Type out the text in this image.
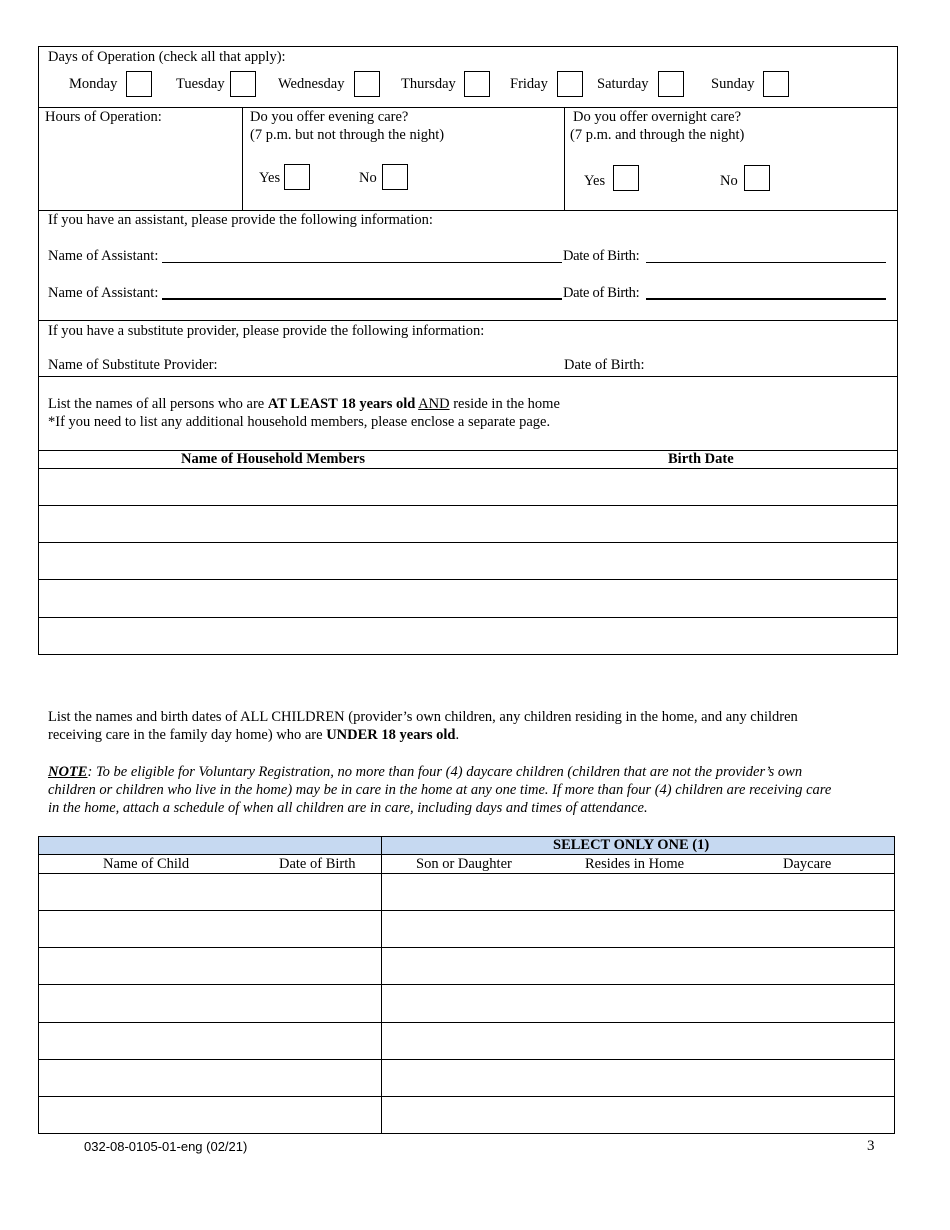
Days of Operation (check all that apply):
Monday	Tuesday	Wednesday	Thursday	Friday	Saturday	Sunday
Hours of Operation:	Do you offer evening care?
(7 p.m. but not through the night)
Yes	No
Do you offer overnight care?
(7 p.m. and through the night)
Yes	No
If you have an assistant, please provide the following information:
Name of Assistant:	Date of Birth:
Name of Assistant:	Date of Birth:
If you have a substitute provider, please provide the following information:
Name of Substitute Provider:	Date of Birth:
List the names of all persons who are AT LEAST 18 years old AND reside in the home
*If you need to list any additional household members, please enclose a separate page.
Name of Household Members	Birth Date
List the names and birth dates of ALL CHILDREN (provider’s own children, any children residing in the home, and any children
receiving care in the family day home) who are UNDER 18 years old.
NOTE: To be eligible for Voluntary Registration, no more than four (4) daycare children (children that are not the provider’s own
children or children who live in the home) may be in care in the home at any one time. If more than four (4) children are receiving care
in the home, attach a schedule of when all children are in care, including days and times of attendance.
SELECT ONLY ONE (1)
Name of Child	Date of Birth	Son or Daughter	Resides in Home	Daycare
032-08-0105-01-eng (02/21)	3
